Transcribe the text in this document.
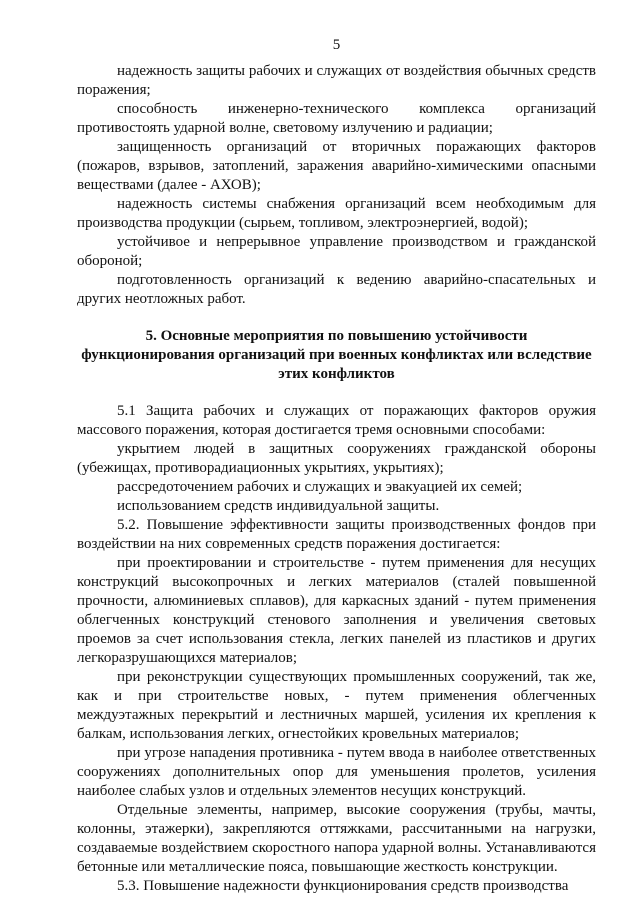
5

надежность защиты рабочих и служащих от воздействия обычных средств поражения;

способность инженерно-технического комплекса организаций противостоять ударной волне, световому излучению и радиации;

защищенность организаций от вторичных поражающих факторов (пожаров, взрывов, затоплений, заражения аварийно-химическими опасными веществами (далее - АХОВ);

надежность системы снабжения организаций всем необходимым для производства продукции (сырьем, топливом, электроэнергией, водой);

устойчивое и непрерывное управление производством и гражданской обороной;

подготовленность организаций к ведению аварийно-спасательных и других неотложных работ.

5. Основные мероприятия по повышению устойчивости
функционирования организаций при военных конфликтах или вследствие
этих конфликтов

5.1 Защита рабочих и служащих от поражающих факторов оружия массового поражения, которая достигается тремя основными способами:

укрытием людей в защитных сооружениях гражданской обороны (убежищах, противорадиационных укрытиях, укрытиях);

рассредоточением рабочих и служащих и эвакуацией их семей;

использованием средств индивидуальной защиты.

5.2. Повышение эффективности защиты производственных фондов при воздействии на них современных средств поражения достигается:

при проектировании и строительстве - путем применения для несущих конструкций высокопрочных и легких материалов (сталей повышенной прочности, алюминиевых сплавов), для каркасных зданий - путем применения облегченных конструкций стенового заполнения и увеличения световых проемов за счет использования стекла, легких панелей из пластиков и других легкоразрушающихся материалов;

при реконструкции существующих промышленных сооружений, так же, как и при строительстве новых, - путем применения облегченных междуэтажных перекрытий и лестничных маршей, усиления их крепления к балкам, использования легких, огнестойких кровельных материалов;

при угрозе нападения противника - путем ввода в наиболее ответственных сооружениях дополнительных опор для уменьшения пролетов, усиления наиболее слабых узлов и отдельных элементов несущих конструкций.

Отдельные элементы, например, высокие сооружения (трубы, мачты, колонны, этажерки), закрепляются оттяжками, рассчитанными на нагрузки, создаваемые воздействием скоростного напора ударной волны. Устанавливаются бетонные или металлические пояса, повышающие жесткость конструкции.

5.3. Повышение надежности функционирования средств производства
